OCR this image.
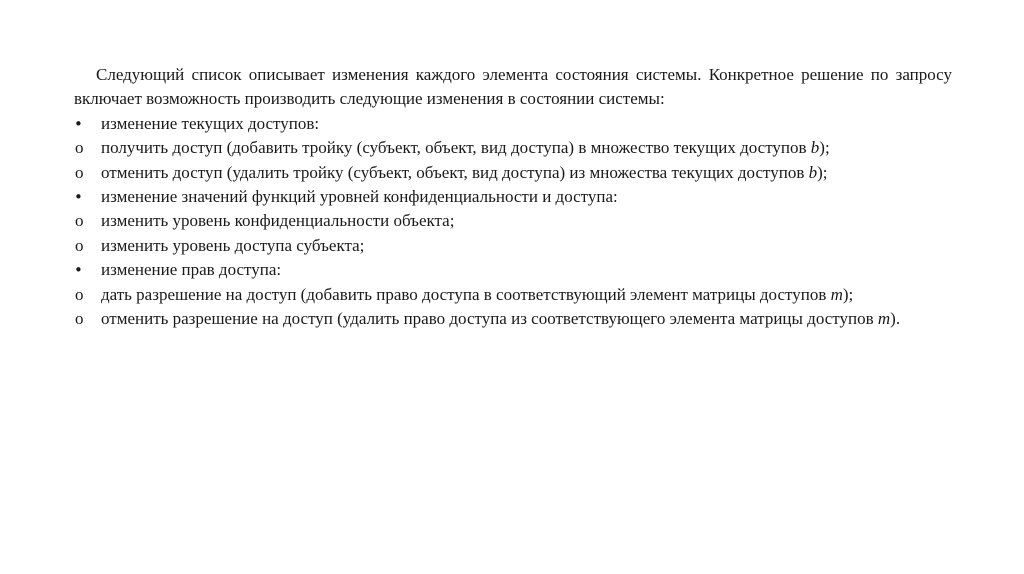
Следующий список описывает изменения каждого элемента состояния системы. Конкретное решение по запросу включает возможность производить следующие изменения в состоянии системы:

•	изменение текущих доступов:
o	получить доступ (добавить тройку (субъект, объект, вид доступа) в множество текущих доступов b);
o	отменить доступ (удалить тройку (субъект, объект, вид доступа) из множества текущих доступов b);
•	изменение значений функций уровней конфиденциальности и доступа:
o	изменить уровень конфиденциальности объекта;
o	изменить уровень доступа субъекта;
•	изменение прав доступа:
o	дать разрешение на доступ (добавить право доступа в соответствующий элемент матрицы доступов m);
o	отменить разрешение на доступ (удалить право доступа из соответствующего элемента матрицы доступов m).
